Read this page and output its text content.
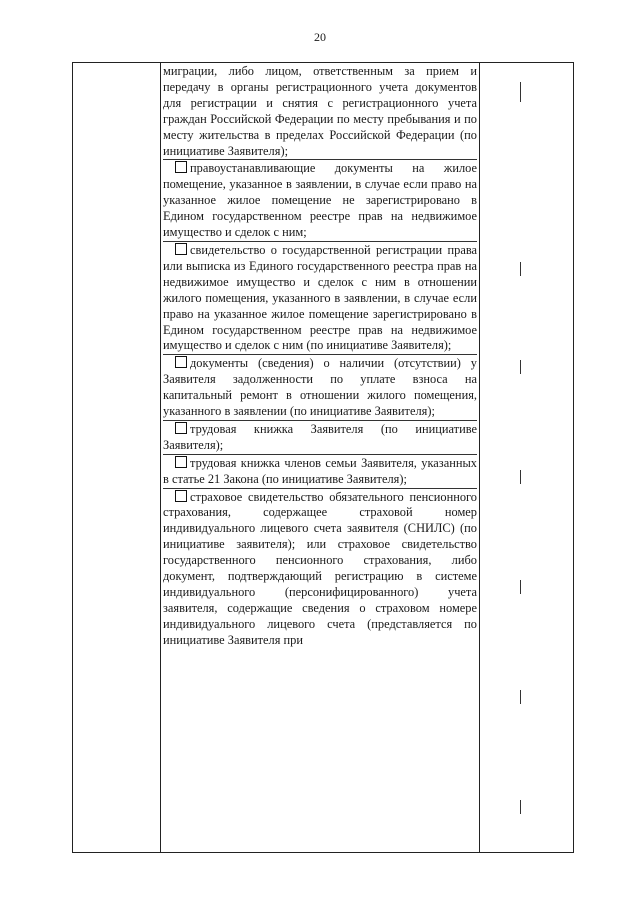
20

миграции, либо лицом, ответственным за прием и передачу в органы регистрационного учета документов для регистрации и снятия с регистрационного учета граждан Российской Федерации по месту пребывания и по месту жительства в пределах Российской Федерации (по инициативе Заявителя);

правоустанавливающие документы на жилое помещение, указанное в заявлении, в случае если право на указанное жилое помещение не зарегистрировано в Едином государственном реестре прав на недвижимое имущество и сделок с ним;

свидетельство о государственной регистрации права или выписка из Единого государственного реестра прав на недвижимое имущество и сделок с ним в отношении жилого помещения, указанного в заявлении, в случае если право на указанное жилое помещение зарегистрировано в Едином государственном реестре прав на недвижимое имущество и сделок с ним (по инициативе Заявителя);

документы (сведения) о наличии (отсутствии) у Заявителя задолженности по уплате взноса на капитальный ремонт в отношении жилого помещения, указанного в заявлении (по инициативе Заявителя);

трудовая книжка Заявителя (по инициативе Заявителя);

трудовая книжка членов семьи Заявителя, указанных в статье 21 Закона (по инициативе Заявителя);

страховое свидетельство обязательного пенсионного страхования, содержащее страховой номер индивидуального лицевого счета заявителя (СНИЛС) (по инициативе заявителя); или страховое свидетельство государственного пенсионного страхования, либо документ, подтверждающий регистрацию в системе индивидуального (персонифицированного) учета заявителя, содержащие сведения о страховом номере индивидуального лицевого счета (представляется по инициативе Заявителя при
